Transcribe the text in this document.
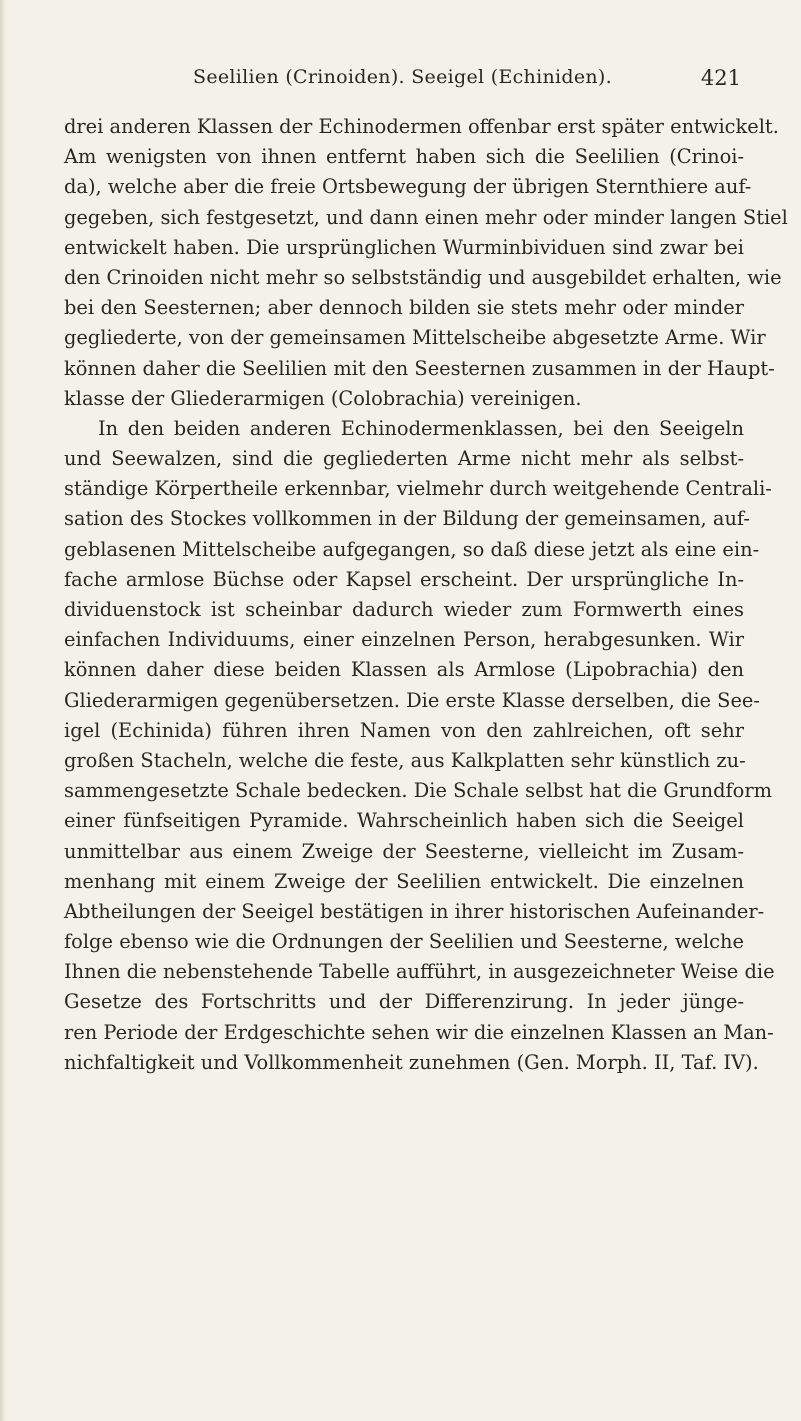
Seelilien (Crinoiden). Seeigel (Echiniden).	421
drei anderen Klassen der Echinodermen offenbar erst später entwickelt.
Am wenigsten von ihnen entfernt haben sich die Seelilien (Crinoi-
da), welche aber die freie Ortsbewegung der übrigen Sternthiere auf-
gegeben, sich festgesetzt, und dann einen mehr oder minder langen Stiel
entwickelt haben. Die ursprünglichen Wurminbividuen sind zwar bei
den Crinoiden nicht mehr so selbstständig und ausgebildet erhalten, wie
bei den Seesternen; aber dennoch bilden sie stets mehr oder minder
gegliederte, von der gemeinsamen Mittelscheibe abgesetzte Arme. Wir
können daher die Seelilien mit den Seesternen zusammen in der Haupt-
klasse der Gliederarmigen (Colobrachia) vereinigen.
In den beiden anderen Echinodermenklassen, bei den Seeigeln
und Seewalzen, sind die gegliederten Arme nicht mehr als selbst-
ständige Körpertheile erkennbar, vielmehr durch weitgehende Centrali-
sation des Stockes vollkommen in der Bildung der gemeinsamen, auf-
geblasenen Mittelscheibe aufgegangen, so daß diese jetzt als eine ein-
fache armlose Büchse oder Kapsel erscheint. Der ursprüngliche In-
dividuenstock ist scheinbar dadurch wieder zum Formwerth eines
einfachen Individuums, einer einzelnen Person, herabgesunken. Wir
können daher diese beiden Klassen als Armlose (Lipobrachia) den
Gliederarmigen gegenübersetzen. Die erste Klasse derselben, die See-
igel (Echinida) führen ihren Namen von den zahlreichen, oft sehr
großen Stacheln, welche die feste, aus Kalkplatten sehr künstlich zu-
sammengesetzte Schale bedecken. Die Schale selbst hat die Grundform
einer fünfseitigen Pyramide. Wahrscheinlich haben sich die Seeigel
unmittelbar aus einem Zweige der Seesterne, vielleicht im Zusam-
menhang mit einem Zweige der Seelilien entwickelt. Die einzelnen
Abtheilungen der Seeigel bestätigen in ihrer historischen Aufeinander-
folge ebenso wie die Ordnungen der Seelilien und Seesterne, welche
Ihnen die nebenstehende Tabelle aufführt, in ausgezeichneter Weise die
Gesetze des Fortschritts und der Differenzirung. In jeder jünge-
ren Periode der Erdgeschichte sehen wir die einzelnen Klassen an Man-
nichfaltigkeit und Vollkommenheit zunehmen (Gen. Morph. II, Taf. IV).
